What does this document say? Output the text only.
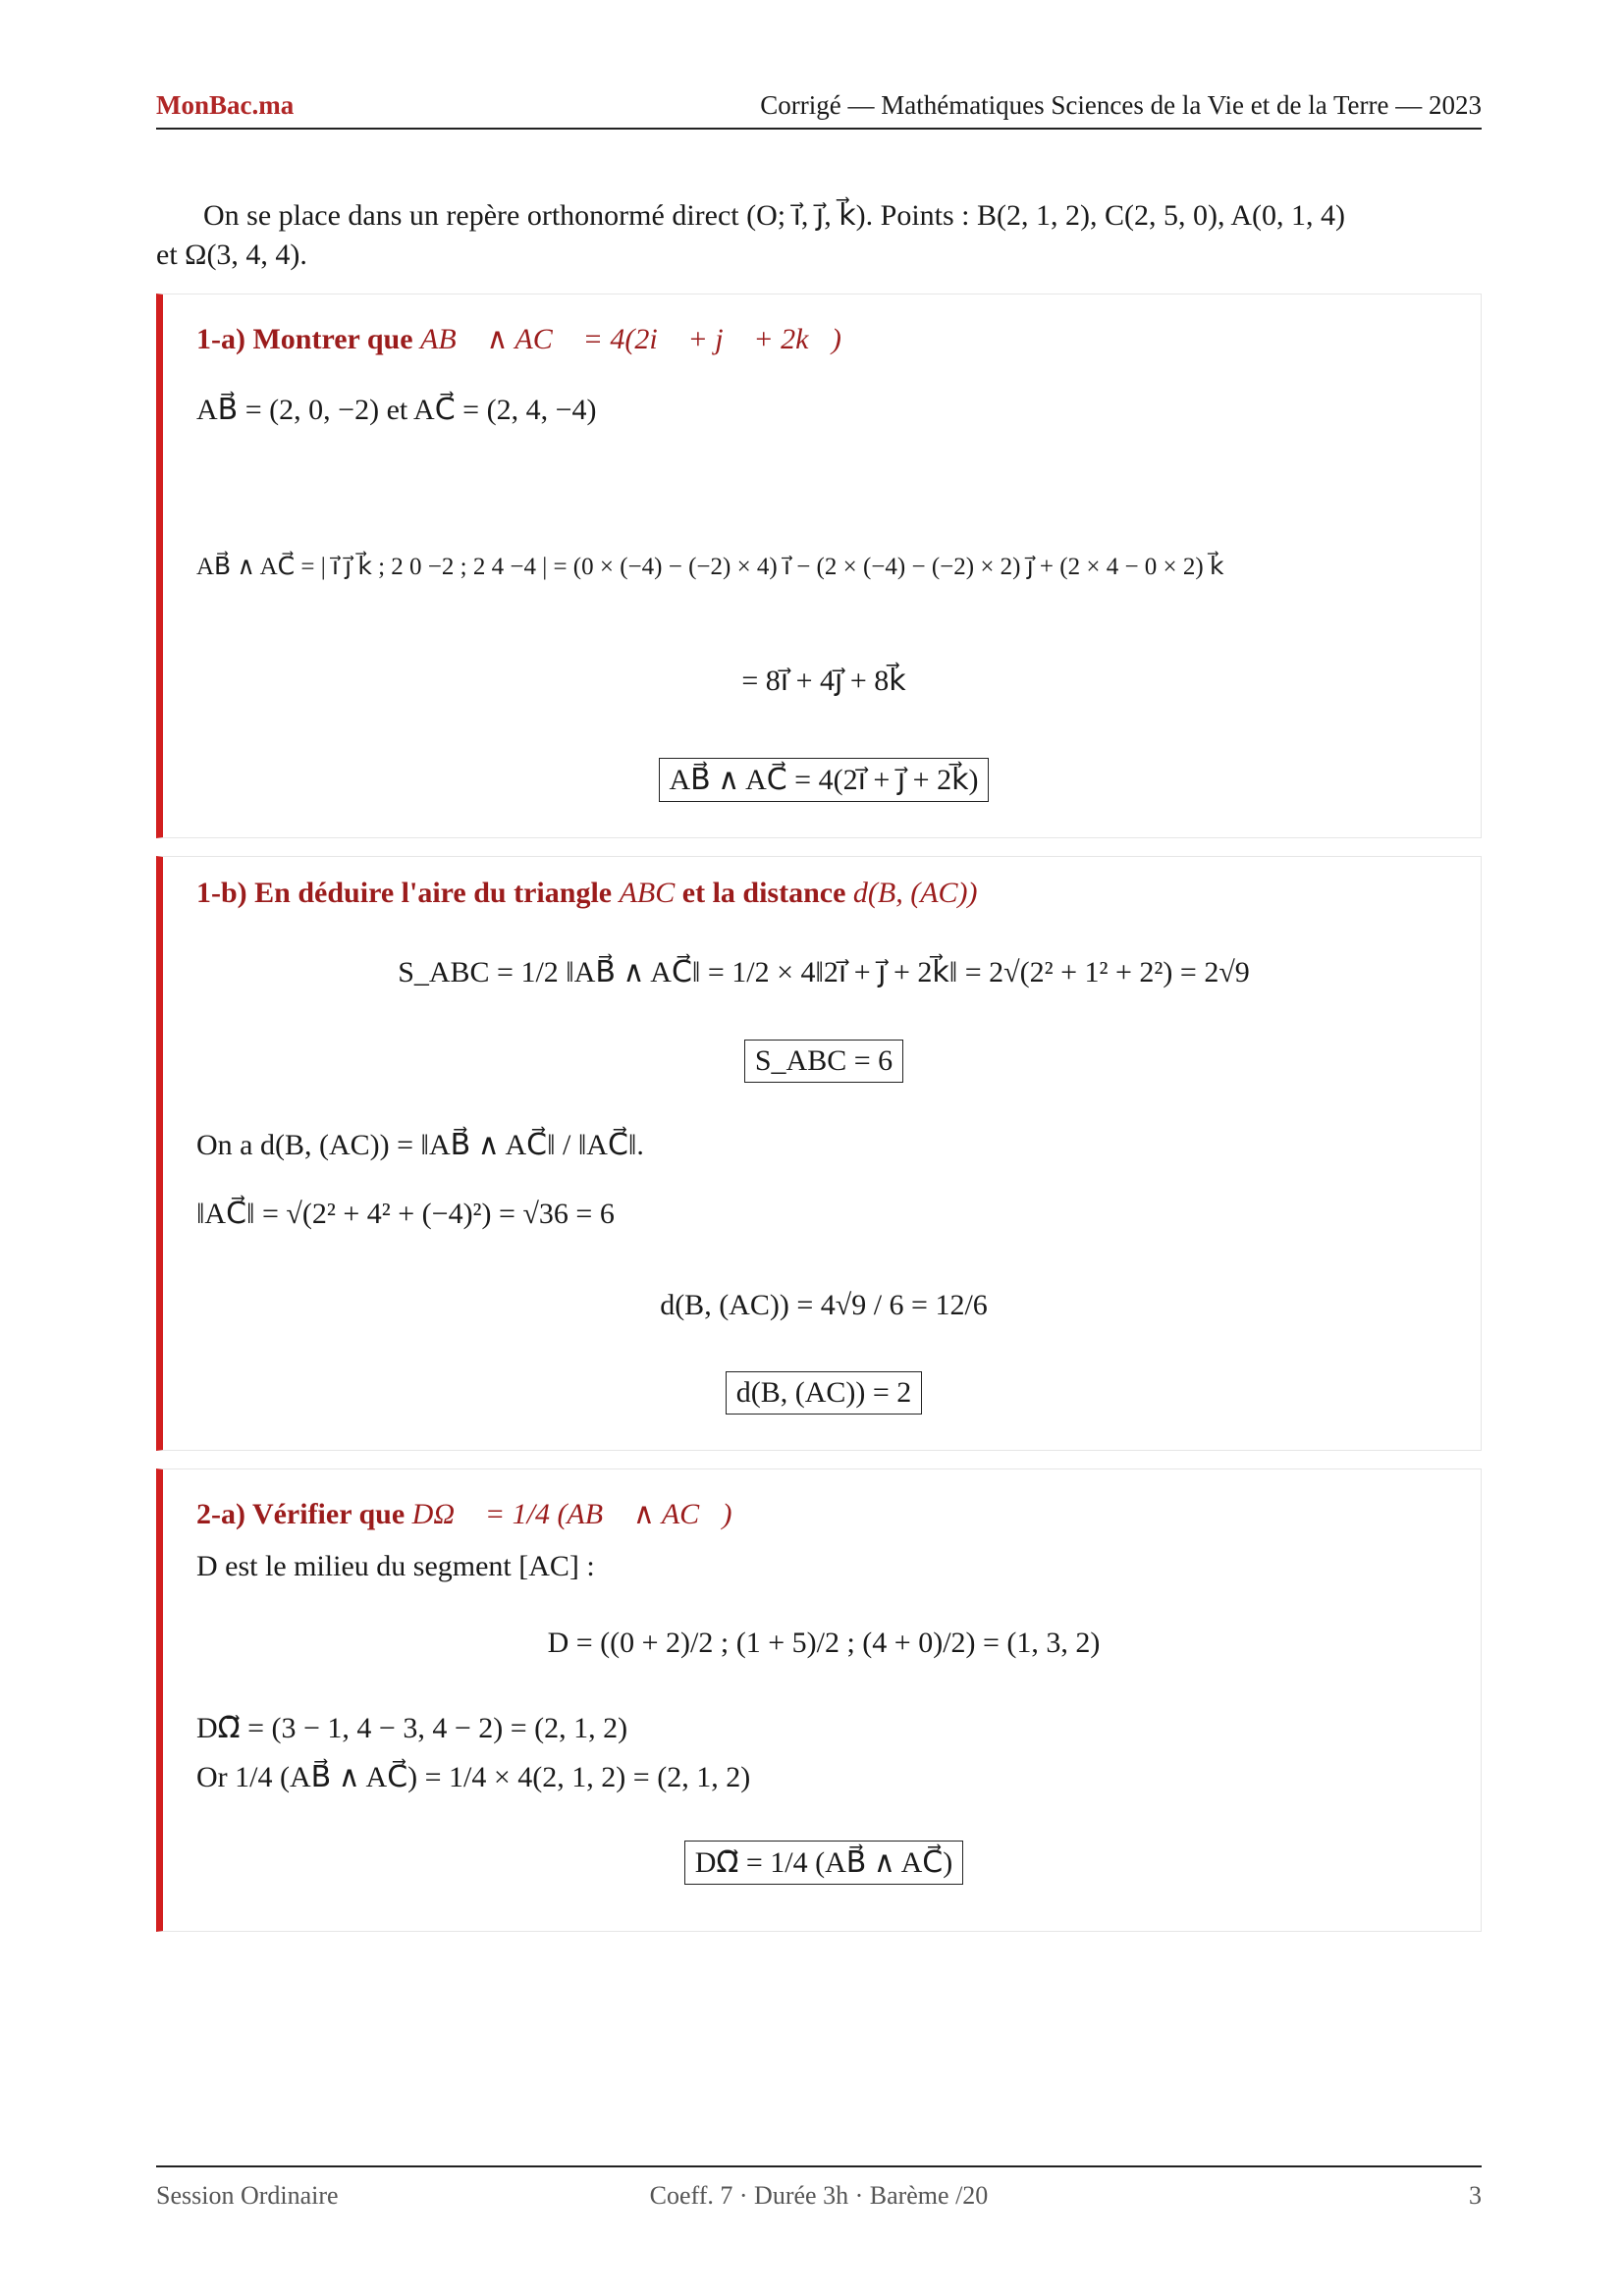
MonBac.ma	Corrigé — Mathématiques Sciences de la Vie et de la Terre — 2023

On se place dans un repère orthonormé direct (O; i⃗, j⃗, k⃗). Points : B(2, 1, 2), C(2, 5, 0), A(0, 1, 4)

et Ω(3, 4, 4).
1-a) Montrer que AB⃗ ∧ AC⃗ = 4(2i⃗ + j⃗ + 2k⃗)
AB⃗ = (2, 0, −2) et AC⃗ = (2, 4, −4)
AB⃗ ∧ AC⃗ = | i⃗ j⃗ k⃗ ; 2 0 −2 ; 2 4 −4 | = (0 × (−4) − (−2) × 4) i⃗ − (2 × (−4) − (−2) × 2) j⃗ + (2 × 4 − 0 × 2) k⃗
= 8i⃗ + 4j⃗ + 8k⃗
AB⃗ ∧ AC⃗ = 4(2i⃗ + j⃗ + 2k⃗)
1-b) En déduire l'aire du triangle ABC et la distance d(B, (AC))
S_ABC = 1/2 ‖AB⃗ ∧ AC⃗‖ = 1/2 × 4‖2i⃗ + j⃗ + 2k⃗‖ = 2√(2² + 1² + 2²) = 2√9
S_ABC = 6
On a d(B, (AC)) = ‖AB⃗ ∧ AC⃗‖ / ‖AC⃗‖.
‖AC⃗‖ = √(2² + 4² + (−4)²) = √36 = 6
d(B, (AC)) = 4√9 / 6 = 12/6
d(B, (AC)) = 2
2-a) Vérifier que DΩ⃗ = 1/4 (AB⃗ ∧ AC⃗)
D est le milieu du segment [AC] :
D = ((0 + 2)/2 ; (1 + 5)/2 ; (4 + 0)/2) = (1, 3, 2)
DΩ⃗ = (3 − 1, 4 − 3, 4 − 2) = (2, 1, 2)
Or 1/4 (AB⃗ ∧ AC⃗) = 1/4 × 4(2, 1, 2) = (2, 1, 2)
DΩ⃗ = 1/4 (AB⃗ ∧ AC⃗)
Session Ordinaire	Coeff. 7 · Durée 3h · Barème /20	3
